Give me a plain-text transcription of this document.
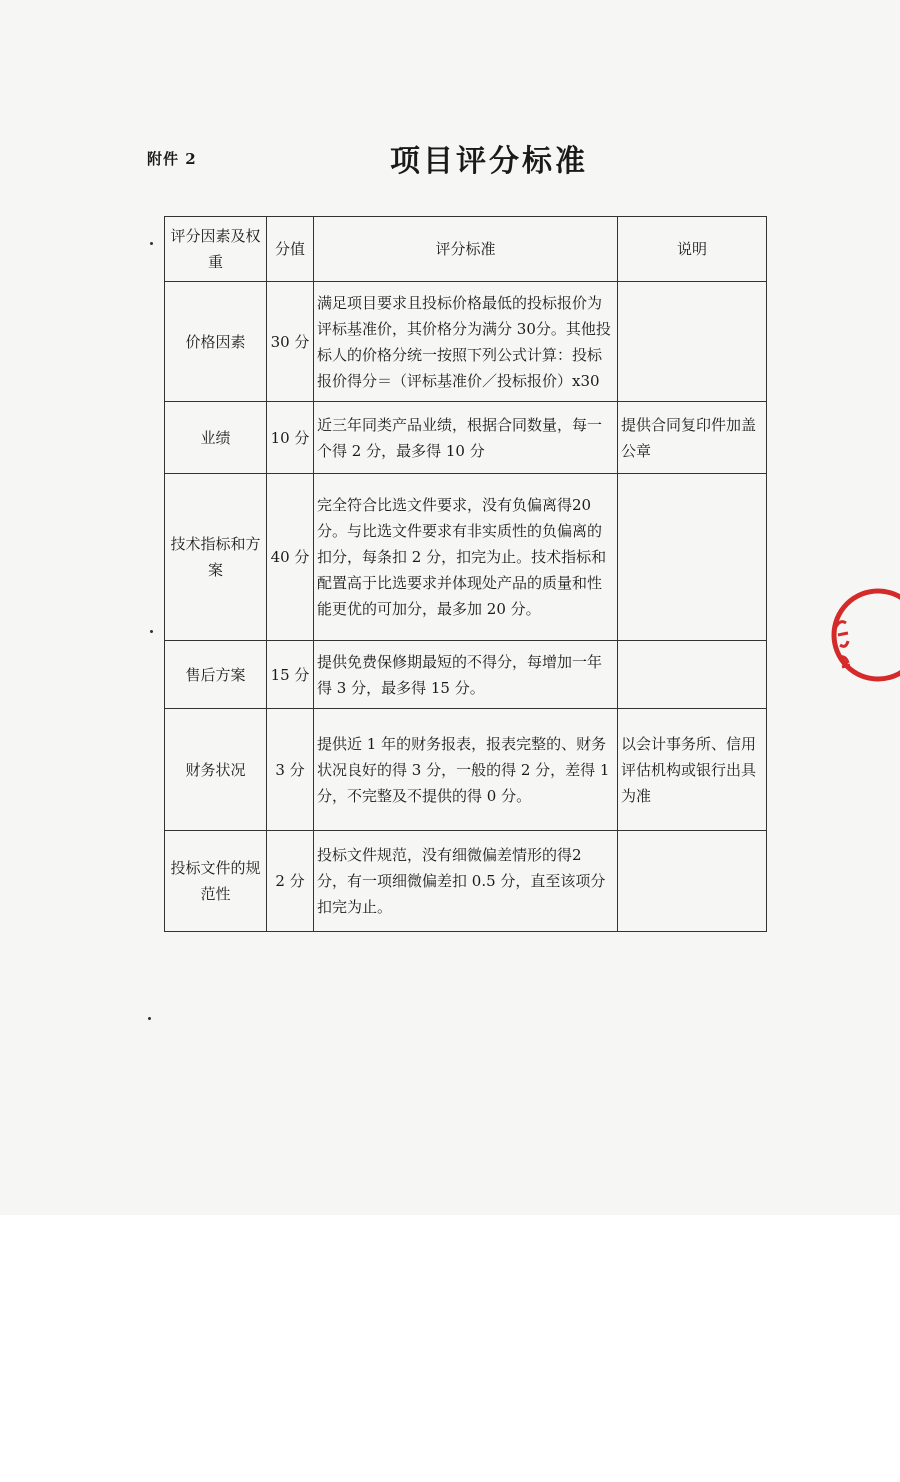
附件 2	项目评分标准
评分因素及权重	分值	评分标准	说明
价格因素	30 分	满足项目要求且投标价格最低的投标报价为评标基准价，其价格分为满分 30分。其他投标人的价格分统一按照下列公式计算：投标报价得分＝（评标基准价／投标报价）x30	
业绩	10 分	近三年同类产品业绩，根据合同数量，每一个得 2 分，最多得 10 分	提供合同复印件加盖公章
技术指标和方案	40 分	完全符合比选文件要求，没有负偏离得20 分。与比选文件要求有非实质性的负偏离的扣分，每条扣 2 分，扣完为止。技术指标和配置高于比选要求并体现处产品的质量和性能更优的可加分，最多加 20 分。	
售后方案	15 分	提供免费保修期最短的不得分，每增加一年得 3 分，最多得 15 分。	
财务状况	3 分	提供近 1 年的财务报表，报表完整的、财务状况良好的得 3 分，一般的得 2 分，差得 1 分，不完整及不提供的得 0 分。	以会计事务所、信用评估机构或银行出具为准
投标文件的规范性	2 分	投标文件规范，没有细微偏差情形的得2 分，有一项细微偏差扣 0.5 分，直至该项分扣完为止。	
